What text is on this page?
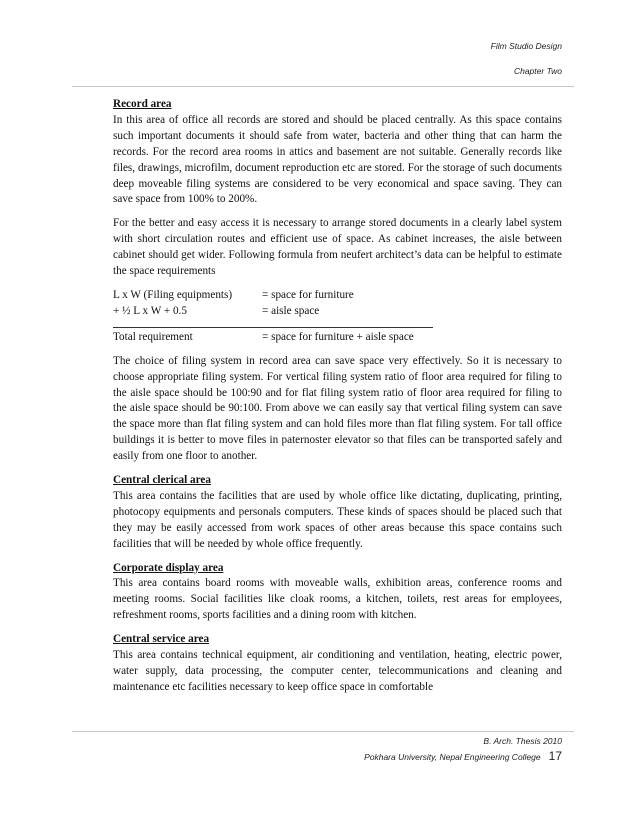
Film Studio Design
Chapter Two
Record area

In this area of office all records are stored and should be placed centrally. As this space contains such important documents it should safe from water, bacteria and other thing that can harm the records. For the record area rooms in attics and basement are not suitable. Generally records like files, drawings, microfilm, document reproduction etc are stored. For the storage of such documents deep moveable filing systems are considered to be very economical and space saving. They can save space from 100% to 200%.

For the better and easy access it is necessary to arrange stored documents in a clearly label system with short circulation routes and efficient use of space. As cabinet increases, the aisle between cabinet should get wider. Following formula from neufert architect’s data can be helpful to estimate the space requirements

L x W (Filing equipments)	= space for furniture
+ ½ L x W + 0.5	= aisle space
Total requirement	= space for furniture + aisle space

The choice of filing system in record area can save space very effectively. So it is necessary to choose appropriate filing system. For vertical filing system ratio of floor area required for filing to the aisle space should be 100:90 and for flat filing system ratio of floor area required for filing to the aisle space should be 90:100. From above we can easily say that vertical filing system can save the space more than flat filing system and can hold files more than flat filing system. For tall office buildings it is better to move files in paternoster elevator so that files can be transported safely and easily from one floor to another.

Central clerical area

This area contains the facilities that are used by whole office like dictating, duplicating, printing, photocopy equipments and personals computers. These kinds of spaces should be placed such that they may be easily accessed from work spaces of other areas because this space contains such facilities that will be needed by whole office frequently.

Corporate display area

This area contains board rooms with moveable walls, exhibition areas, conference rooms and meeting rooms. Social facilities like cloak rooms, a kitchen, toilets, rest areas for employees, refreshment rooms, sports facilities and a dining room with kitchen.

Central service area

This area contains technical equipment, air conditioning and ventilation, heating, electric power, water supply, data processing, the computer center, telecommunications and cleaning and maintenance etc facilities necessary to keep office space in comfortable

B. Arch. Thesis 2010
Pokhara University, Nepal Engineering College 17
